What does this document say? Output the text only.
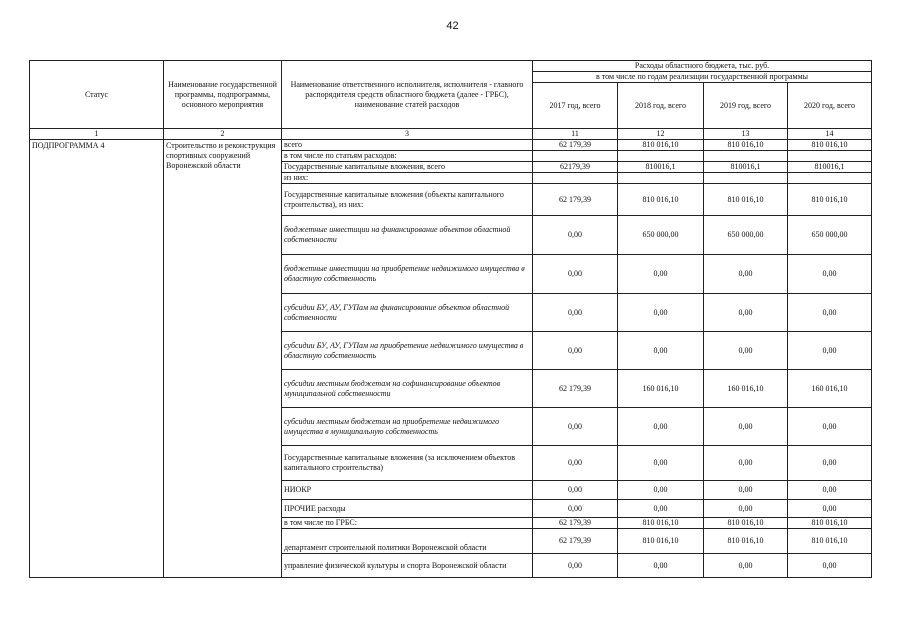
42
Статус	Наименование государственной программы, подпрограммы, основного мероприятия	Наименование ответственного исполнителя, исполнителя - главного распорядителя средств областного бюджета (далее - ГРБС), наименование статей расходов	Расходы областного бюджета, тыс. руб.			
			в том числе по годам реализации государственной программы			
			2017 год, всего	2018 год, всего	2019 год, всего	2020 год, всего
1	2	3	11	12	13	14
ПОДПРОГРАММА 4	Строительство и реконструкция спортивных сооружений Воронежской области	всего	62 179,39	810 016,10	810 016,10	810 016,10
		в том числе по статьям расходов:				
		Государственные капитальные вложения, всего	62179,39	810016,1	810016,1	810016,1
		из них:				
		Государственные капитальные вложения (объекты капитального строительства), из них:	62 179,39	810 016,10	810 016,10	810 016,10
		бюджетные инвестиции на финансирование объектов областной собственности	0,00	650 000,00	650 000,00	650 000,00
		бюджетные инвестиции на приобретение недвижимого имущества в областную собственность	0,00	0,00	0,00	0,00
		субсидии БУ, АУ, ГУПам на финансирование объектов областной собственности	0,00	0,00	0,00	0,00
		субсидии БУ, АУ, ГУПам на приобретение недвижимого имущества в областную собственность	0,00	0,00	0,00	0,00
		субсидии местным бюджетам на софинансирование объектов муниципальной собственности	62 179,39	160 016,10	160 016,10	160 016,10
		субсидии местным бюджетам на приобретение недвижимого имущества в муниципальную собственность	0,00	0,00	0,00	0,00
		Государственные капитальные вложения (за исключением объектов капитального строительства)	0,00	0,00	0,00	0,00
		НИОКР	0,00	0,00	0,00	0,00
		ПРОЧИЕ расходы	0,00	0,00	0,00	0,00
		в том числе по ГРБС:	62 179,39	810 016,10	810 016,10	810 016,10
		департамент строительной политики Воронежской области	62 179,39	810 016,10	810 016,10	810 016,10
		управление физической культуры и спорта Воронежской области	0,00	0,00	0,00	0,00
